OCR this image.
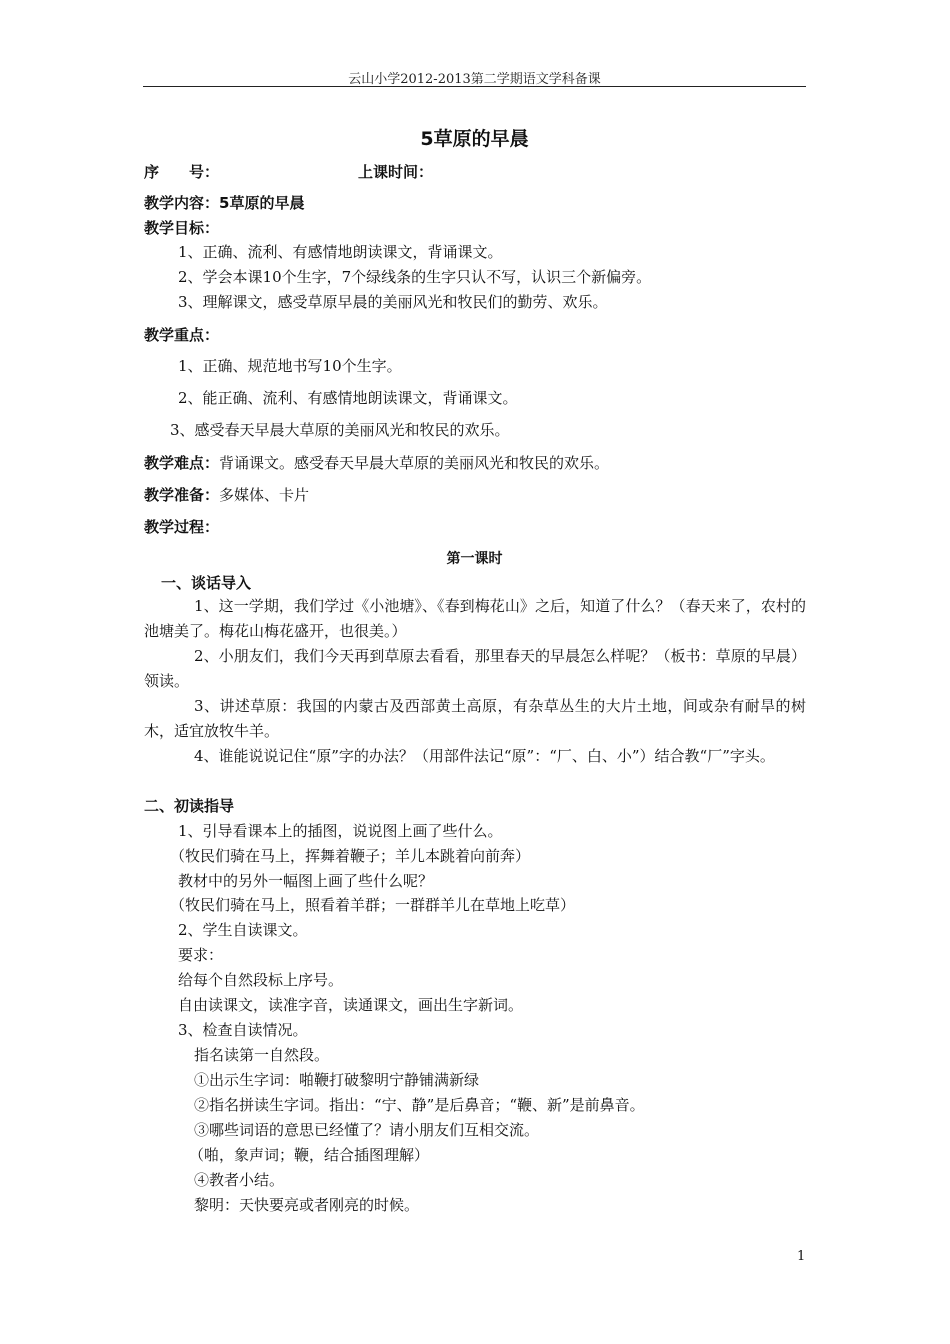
云山小学2012-2013第二学期语文学科备课
5草原的早晨
序　　号：	上课时间：
教学内容：5草原的早晨
教学目标：
1、正确、流利、有感情地朗读课文，背诵课文。
2、学会本课10个生字，7个绿线条的生字只认不写，认识三个新偏旁。
3、理解课文，感受草原早晨的美丽风光和牧民们的勤劳、欢乐。
教学重点：
1、正确、规范地书写10个生字。
2、能正确、流利、有感情地朗读课文，背诵课文。
3、感受春天早晨大草原的美丽风光和牧民的欢乐。
教学难点：背诵课文。感受春天早晨大草原的美丽风光和牧民的欢乐。
教学准备：多媒体、卡片
教学过程：
第一课时
一、谈话导入
1、这一学期，我们学过《小池塘》、《春到梅花山》之后，知道了什么？（春天来了，农村的池塘美了。梅花山梅花盛开，也很美。）
2、小朋友们，我们今天再到草原去看看，那里春天的早晨怎么样呢？（板书：草原的早晨）领读。
3、讲述草原：我国的内蒙古及西部黄土高原，有杂草丛生的大片土地，间或杂有耐旱的树木，适宜放牧牛羊。
4、谁能说说记住“原”字的办法？（用部件法记“原”：“厂、白、小”）结合教“厂”字头。
二、初读指导
1、引导看课本上的插图，说说图上画了些什么。
（牧民们骑在马上，挥舞着鞭子；羊儿本跳着向前奔）
教材中的另外一幅图上画了些什么呢？
（牧民们骑在马上，照看着羊群；一群群羊儿在草地上吃草）
2、学生自读课文。
要求：
给每个自然段标上序号。
自由读课文，读准字音，读通课文，画出生字新词。
3、检查自读情况。
指名读第一自然段。
①出示生字词：啪鞭打破黎明宁静铺满新绿
②指名拼读生字词。指出：“宁、静”是后鼻音；“鞭、新”是前鼻音。
③哪些词语的意思已经懂了？请小朋友们互相交流。
（啪，象声词；鞭，结合插图理解）
④教者小结。
黎明：天快要亮或者刚亮的时候。
1
